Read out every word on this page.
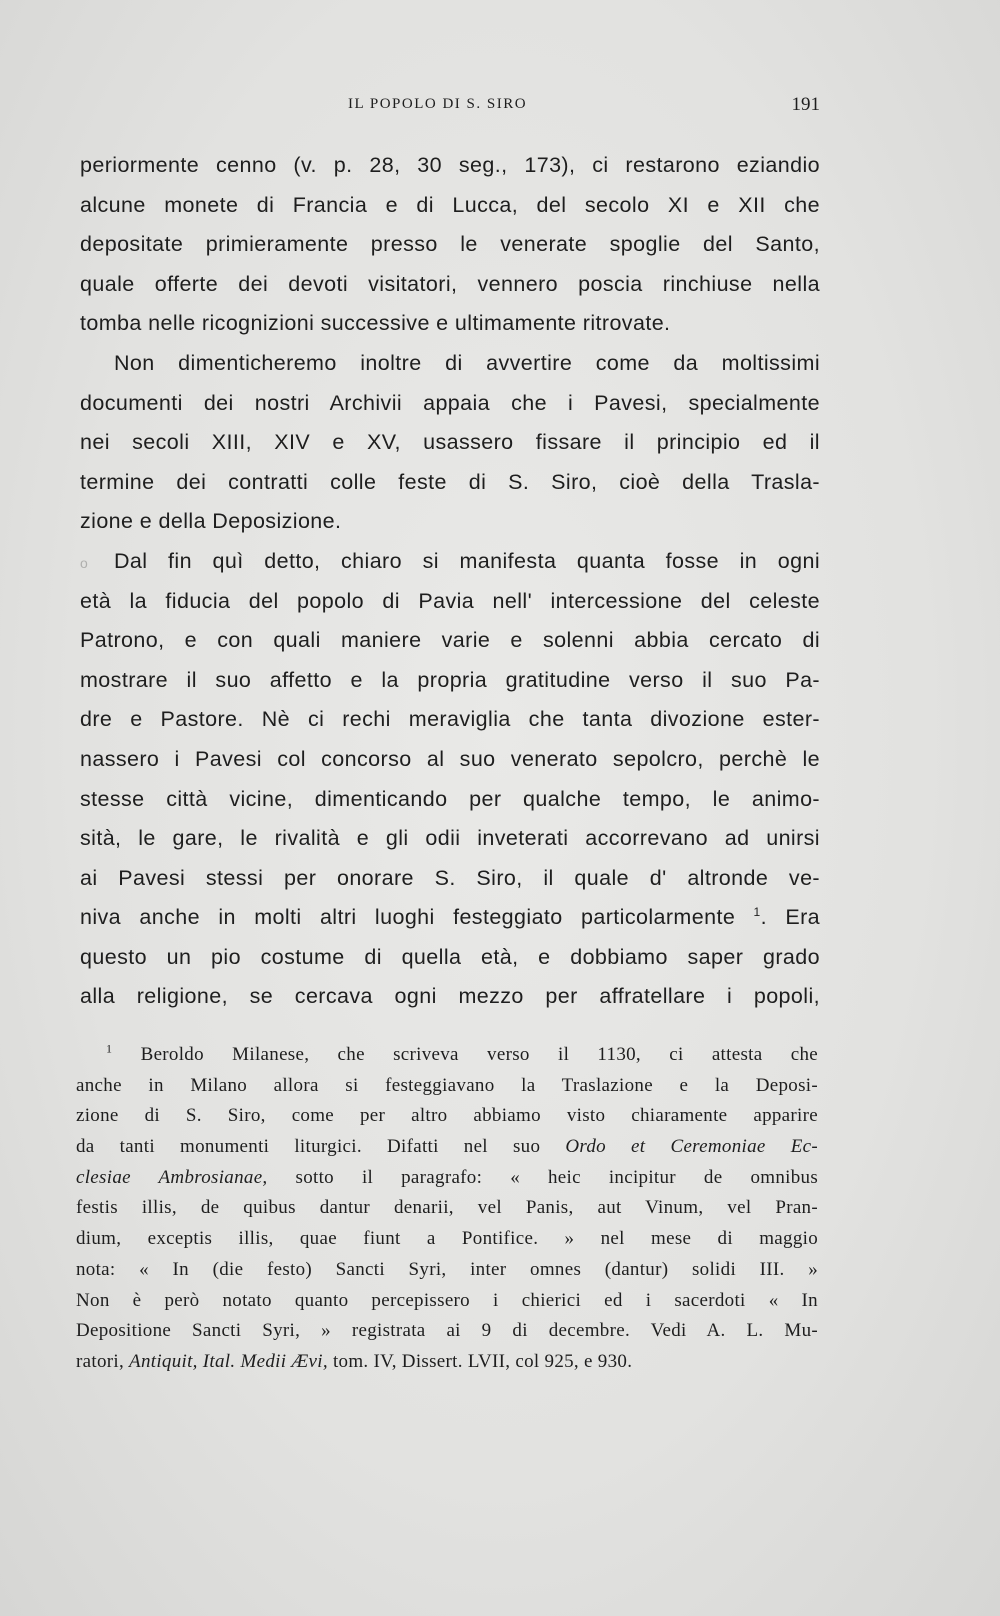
IL POPOLO DI S. SIRO	191
periormente cenno (v. p. 28, 30 seg., 173), ci restarono eziandio
alcune monete di Francia e di Lucca, del secolo XI e XII che
depositate primieramente presso le venerate spoglie del Santo,
quale offerte dei devoti visitatori, vennero poscia rinchiuse nella
tomba nelle ricognizioni successive e ultimamente ritrovate.
Non dimenticheremo inoltre di avvertire come da moltissimi
documenti dei nostri Archivii appaia che i Pavesi, specialmente
nei secoli XIII, XIV e XV, usassero fissare il principio ed il
termine dei contratti colle feste di S. Siro, cioè della Trasla-
zione e della Deposizione.
o Dal fin quì detto, chiaro si manifesta quanta fosse in ogni
età la fiducia del popolo di Pavia nell' intercessione del celeste
Patrono, e con quali maniere varie e solenni abbia cercato di
mostrare il suo affetto e la propria gratitudine verso il suo Pa-
dre e Pastore. Nè ci rechi meraviglia che tanta divozione ester-
nassero i Pavesi col concorso al suo venerato sepolcro, perchè le
stesse città vicine, dimenticando per qualche tempo, le animo-
sità, le gare, le rivalità e gli odii inveterati accorrevano ad unirsi
ai Pavesi stessi per onorare S. Siro, il quale d' altronde ve-
niva anche in molti altri luoghi festeggiato particolarmente $^1$. Era
questo un pio costume di quella età, e dobbiamo saper grado
alla religione, se cercava ogni mezzo per affratellare i popoli,
$^1$ Beroldo Milanese, che scriveva verso il 1130, ci attesta che
anche in Milano allora si festeggiavano la Traslazione e la Deposi-
zione di S. Siro, come per altro abbiamo visto chiaramente apparire
da tanti monumenti liturgici. Difatti nel suo Ordo et Ceremoniae Ec-
clesiae Ambrosianae, sotto il paragrafo: « heic incipitur de omnibus
festis illis, de quibus dantur denarii, vel Panis, aut Vinum, vel Pran-
dium, exceptis illis, quae fiunt a Pontifice. » nel mese di maggio
nota: « In (die festo) Sancti Syri, inter omnes (dantur) solidi III. »
Non è però notato quanto percepissero i chierici ed i sacerdoti « In
Depositione Sancti Syri, » registrata ai 9 di decembre. Vedi A. L. Mu-
ratori, Antiquit, Ital. Medii Ævi, tom. IV, Dissert. LVII, col 925, e 930.
